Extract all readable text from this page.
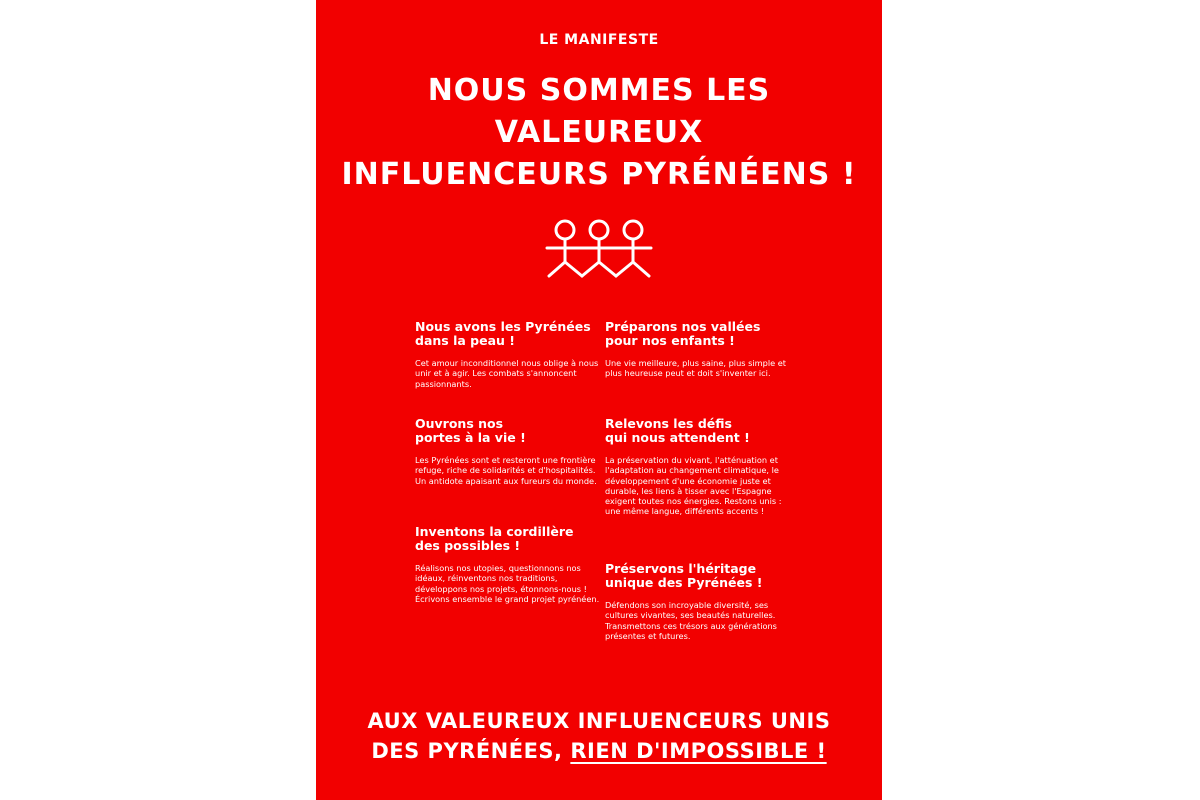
LE MANIFESTE
NOUS SOMMES LES
VALEUREUX
INFLUENCEURS PYRÉNÉENS !
Nous avons les Pyrénées
dans la peau !

Cet amour inconditionnel nous oblige à nous unir et à agir. Les combats s'annoncent passionnants.

Ouvrons nos
portes à la vie !

Les Pyrénées sont et resteront une frontière refuge, riche de solidarités et d'hospitalités. Un antidote apaisant aux fureurs du monde.

Inventons la cordillère
des possibles !

Réalisons nos utopies, questionnons nos idéaux, réinventons nos traditions, développons nos projets, étonnons-nous ! Écrivons ensemble le grand projet pyrénéen.

Préparons nos vallées
pour nos enfants !

Une vie meilleure, plus saine, plus simple et plus heureuse peut et doit s'inventer ici.

Relevons les défis
qui nous attendent !

La préservation du vivant, l'atténuation et l'adaptation au changement climatique, le développement d'une économie juste et durable, les liens à tisser avec l'Espagne exigent toutes nos énergies. Restons unis : une même langue, différents accents !

Préservons l'héritage
unique des Pyrénées !

Défendons son incroyable diversité, ses cultures vivantes, ses beautés naturelles. Transmettons ces trésors aux générations présentes et futures.

AUX VALEUREUX INFLUENCEURS UNIS
DES PYRÉNÉES, RIEN D'IMPOSSIBLE !
